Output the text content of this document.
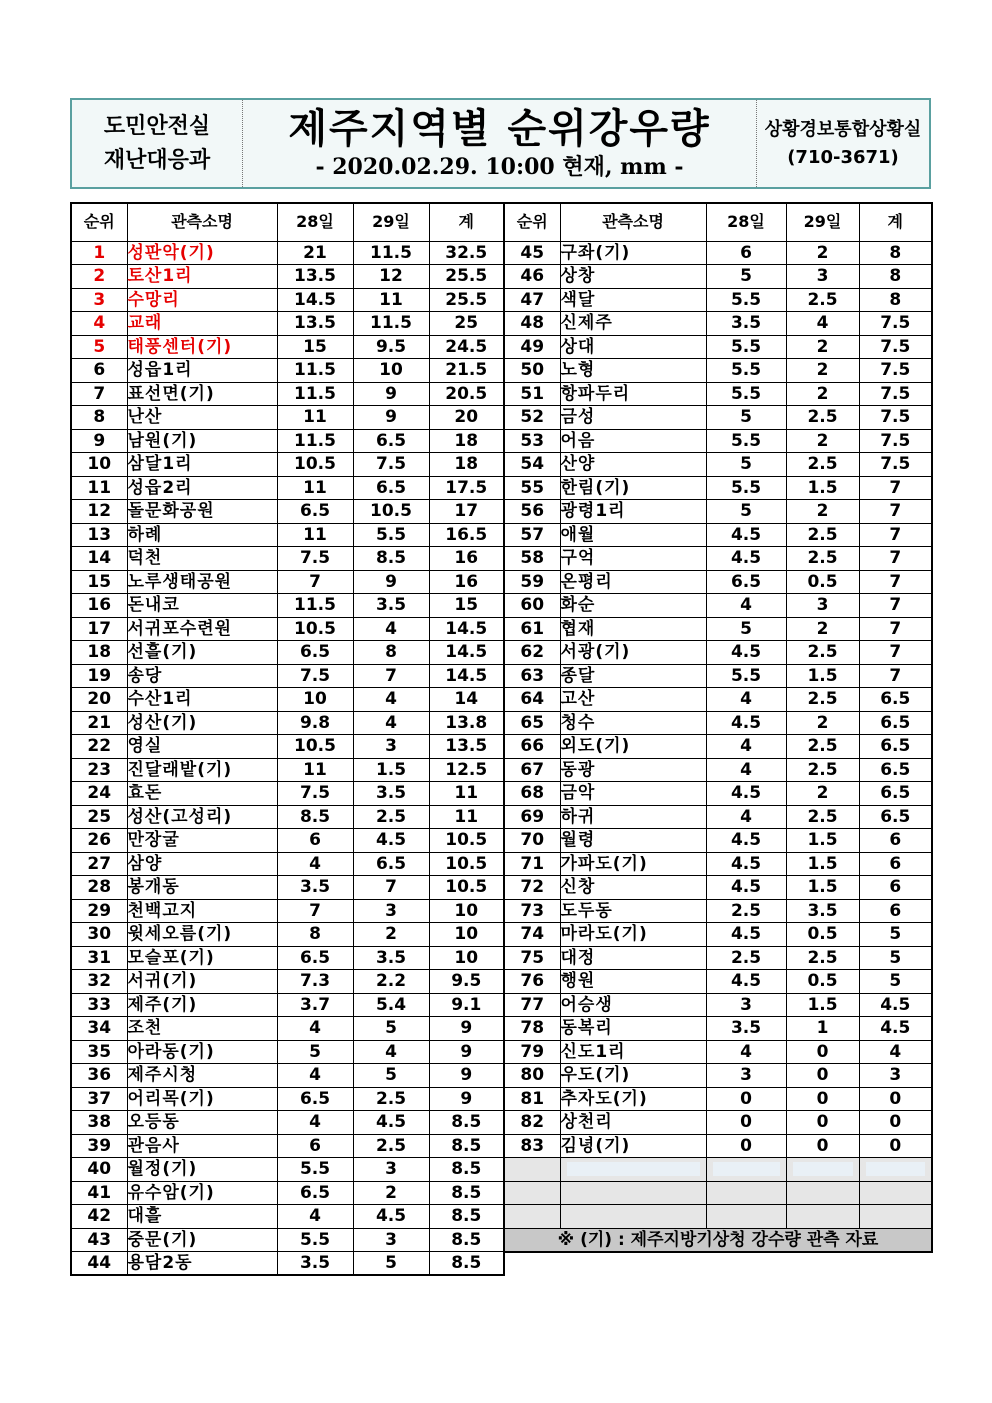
도민안전실
재난대응과
제주지역별 순위강우량
- 2020.02.29. 10:00 현재, mm -
상황경보통합상황실
(710-3671)
순위	관측소명	28일	29일	계
1	성판악(기)	21	11.5	32.5
2	토산1리	13.5	12	25.5
3	수망리	14.5	11	25.5
4	교래	13.5	11.5	25
5	태풍센터(기)	15	9.5	24.5
6	성읍1리	11.5	10	21.5
7	표선면(기)	11.5	9	20.5
8	난산	11	9	20
9	남원(기)	11.5	6.5	18
10	삼달1리	10.5	7.5	18
11	성읍2리	11	6.5	17.5
12	돌문화공원	6.5	10.5	17
13	하례	11	5.5	16.5
14	덕천	7.5	8.5	16
15	노루생태공원	7	9	16
16	돈내코	11.5	3.5	15
17	서귀포수련원	10.5	4	14.5
18	선흘(기)	6.5	8	14.5
19	송당	7.5	7	14.5
20	수산1리	10	4	14
21	성산(기)	9.8	4	13.8
22	영실	10.5	3	13.5
23	진달래밭(기)	11	1.5	12.5
24	효돈	7.5	3.5	11
25	성산(고성리)	8.5	2.5	11
26	만장굴	6	4.5	10.5
27	삼양	4	6.5	10.5
28	봉개동	3.5	7	10.5
29	천백고지	7	3	10
30	윗세오름(기)	8	2	10
31	모슬포(기)	6.5	3.5	10
32	서귀(기)	7.3	2.2	9.5
33	제주(기)	3.7	5.4	9.1
34	조천	4	5	9
35	아라동(기)	5	4	9
36	제주시청	4	5	9
37	어리목(기)	6.5	2.5	9
38	오등동	4	4.5	8.5
39	관음사	6	2.5	8.5
40	월정(기)	5.5	3	8.5
41	유수암(기)	6.5	2	8.5
42	대흘	4	4.5	8.5
43	중문(기)	5.5	3	8.5
44	용담2동	3.5	5	8.5
순위	관측소명	28일	29일	계
45	구좌(기)	6	2	8
46	상창	5	3	8
47	색달	5.5	2.5	8
48	신제주	3.5	4	7.5
49	상대	5.5	2	7.5
50	노형	5.5	2	7.5
51	항파두리	5.5	2	7.5
52	금성	5	2.5	7.5
53	어음	5.5	2	7.5
54	산양	5	2.5	7.5
55	한림(기)	5.5	1.5	7
56	광령1리	5	2	7
57	애월	4.5	2.5	7
58	구억	4.5	2.5	7
59	온평리	6.5	0.5	7
60	화순	4	3	7
61	협재	5	2	7
62	서광(기)	4.5	2.5	7
63	종달	5.5	1.5	7
64	고산	4	2.5	6.5
65	청수	4.5	2	6.5
66	외도(기)	4	2.5	6.5
67	동광	4	2.5	6.5
68	금악	4.5	2	6.5
69	하귀	4	2.5	6.5
70	월령	4.5	1.5	6
71	가파도(기)	4.5	1.5	6
72	신창	4.5	1.5	6
73	도두동	2.5	3.5	6
74	마라도(기)	4.5	0.5	5
75	대정	2.5	2.5	5
76	행원	4.5	0.5	5
77	어승생	3	1.5	4.5
78	동복리	3.5	1	4.5
79	신도1리	4	0	4
80	우도(기)	3	0	3
81	추자도(기)	0	0	0
82	상천리	0	0	0
83	김녕(기)	0	0	0

※ (기) : 제주지방기상청 강수량 관측 자료				
